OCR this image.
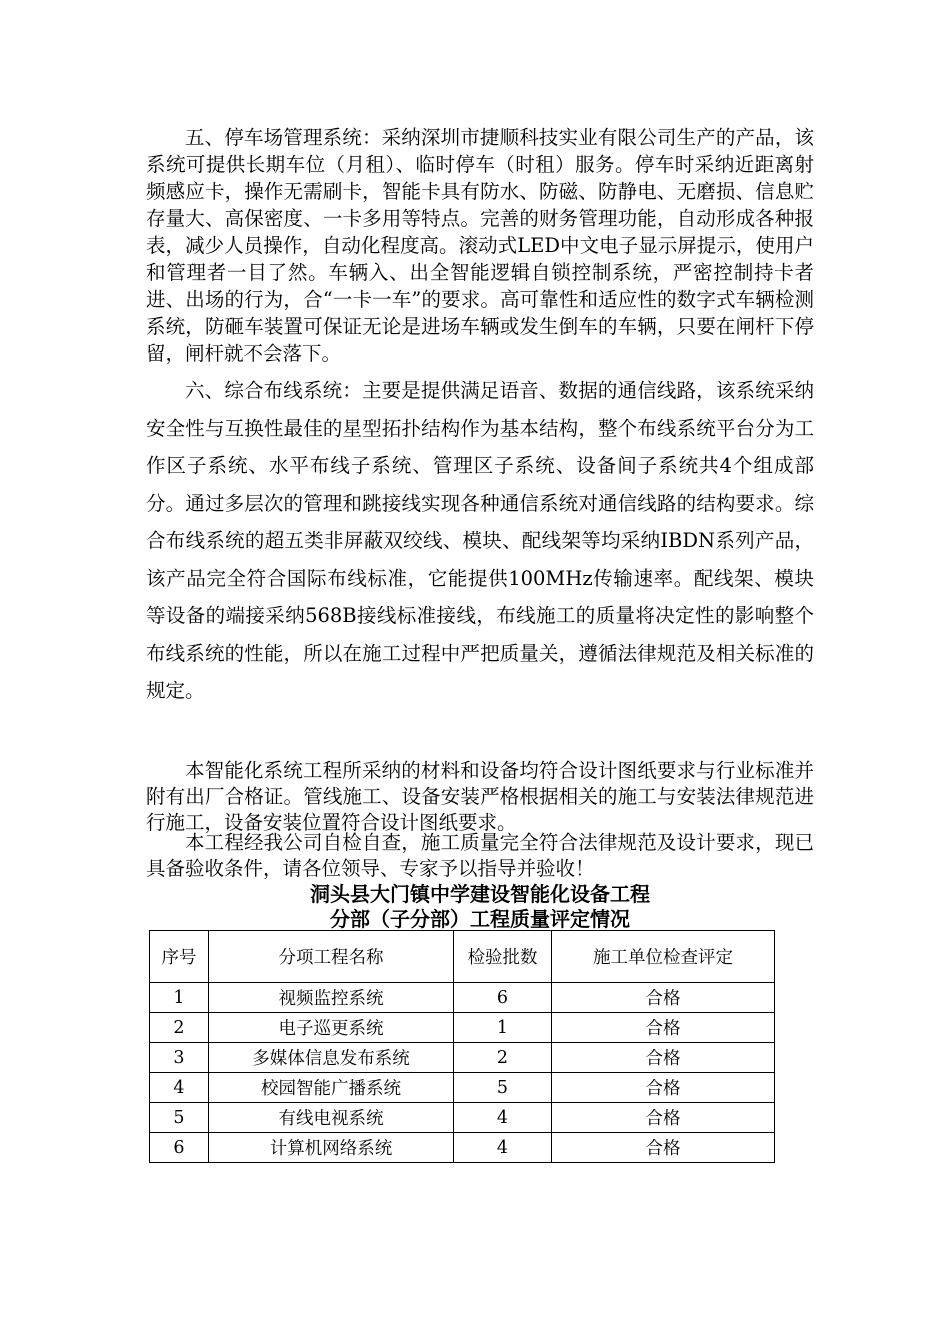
五、停车场管理系统：采纳深圳市捷顺科技实业有限公司生产的产品，该系统可提供长期车位（月租）、临时停车（时租）服务。停车时采纳近距离射频感应卡，操作无需刷卡，智能卡具有防水、防磁、防静电、无磨损、信息贮存量大、高保密度、一卡多用等特点。完善的财务管理功能，自动形成各种报表，减少人员操作，自动化程度高。滚动式LED中文电子显示屏提示，使用户和管理者一目了然。车辆入、出全智能逻辑自锁控制系统，严密控制持卡者进、出场的行为，合“一卡一车”的要求。高可靠性和适应性的数字式车辆检测系统，防砸车装置可保证无论是进场车辆或发生倒车的车辆，只要在闸杆下停留，闸杆就不会落下。

六、综合布线系统：主要是提供满足语音、数据的通信线路，该系统采纳安全性与互换性最佳的星型拓扑结构作为基本结构，整个布线系统平台分为工作区子系统、水平布线子系统、管理区子系统、设备间子系统共4个组成部分。通过多层次的管理和跳接线实现各种通信系统对通信线路的结构要求。综合布线系统的超五类非屏蔽双绞线、模块、配线架等均采纳IBDN系列产品，该产品完全符合国际布线标准，它能提供100MHz传输速率。配线架、模块等设备的端接采纳568B接线标准接线，布线施工的质量将决定性的影响整个布线系统的性能，所以在施工过程中严把质量关，遵循法律规范及相关标准的规定。

本智能化系统工程所采纳的材料和设备均符合设计图纸要求与行业标准并附有出厂合格证。管线施工、设备安装严格根据相关的施工与安装法律规范进行施工，设备安装位置符合设计图纸要求。

本工程经我公司自检自查，施工质量完全符合法律规范及设计要求，现已具备验收条件，请各位领导、专家予以指导并验收！

洞头县大门镇中学建设智能化设备工程

分部（子分部）工程质量评定情况

序号	分项工程名称	检验批数	施工单位检查评定
1	视频监控系统	6	合格
2	电子巡更系统	1	合格
3	多媒体信息发布系统	2	合格
4	校园智能广播系统	5	合格
5	有线电视系统	4	合格
6	计算机网络系统	4	合格
